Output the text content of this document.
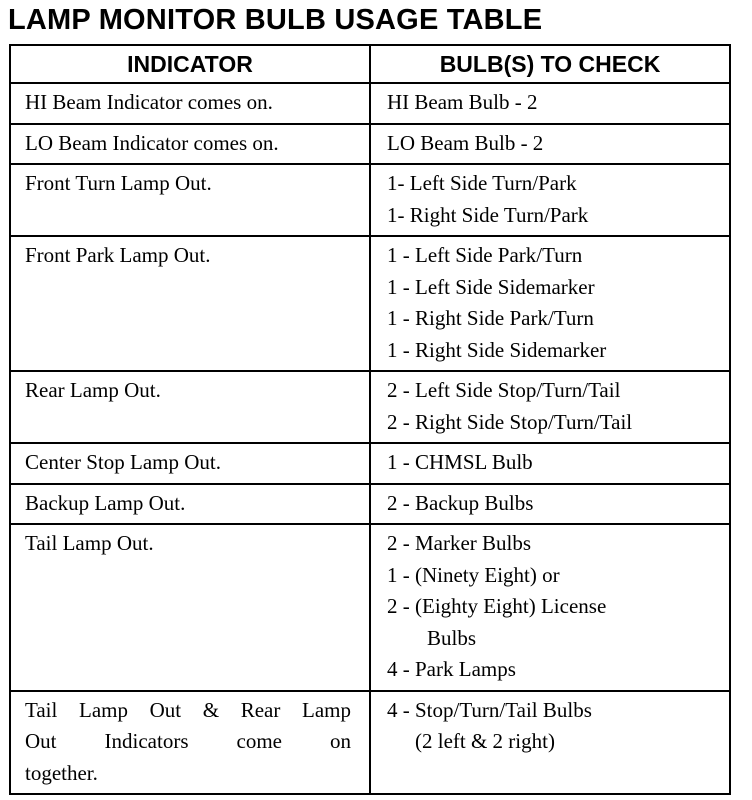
LAMP MONITOR BULB USAGE TABLE
INDICATOR	BULB(S) TO CHECK

HI Beam Indicator comes on.	HI Beam Bulb - 2

LO Beam Indicator comes on.	LO Beam Bulb - 2

Front Turn Lamp Out.	1- Left Side Turn/Park
1- Right Side Turn/Park

Front Park Lamp Out.	1 - Left Side Park/Turn
1 - Left Side Sidemarker
1 - Right Side Park/Turn
1 - Right Side Sidemarker

Rear Lamp Out.	2 - Left Side Stop/Turn/Tail
2 - Right Side Stop/Turn/Tail

Center Stop Lamp Out.	1 - CHMSL Bulb

Backup Lamp Out.	2 - Backup Bulbs

Tail Lamp Out.	2 - Marker Bulbs
1 - (Ninety Eight) or
2 - (Eighty Eight) License
Bulbs
4 - Park Lamps

Tail Lamp Out & Rear Lamp
Out Indicators come on
together.	4 - Stop/Turn/Tail Bulbs
(2 left & 2 right)
